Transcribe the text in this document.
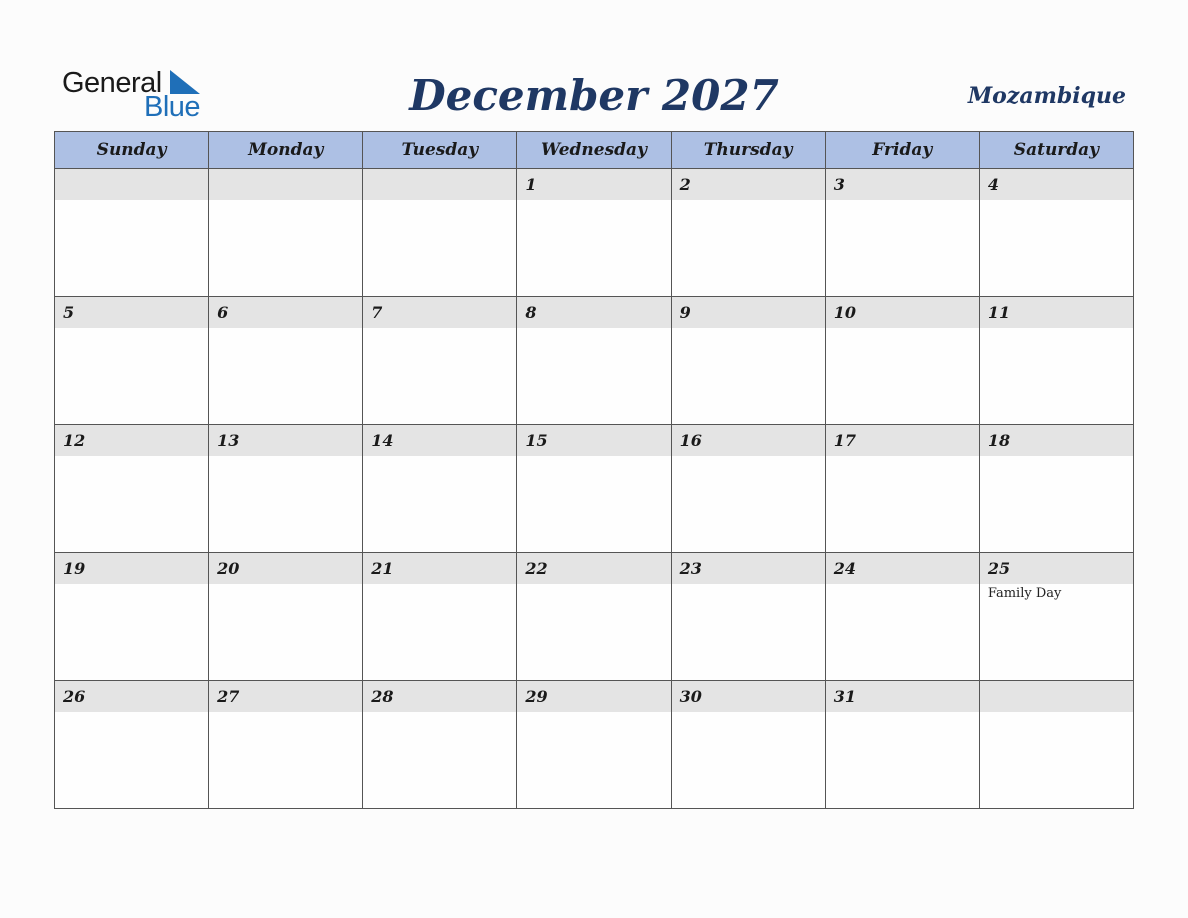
General
Blue	December 2027	Mozambique
Sunday	Monday	Tuesday	Wednesday	Thursday	Friday	Saturday

			1	2	3	4

5	6	7	8	9	10	11

12	13	14	15	16	17	18

19	20	21	22	23	24	25
Family Day

26	27	28	29	30	31	
